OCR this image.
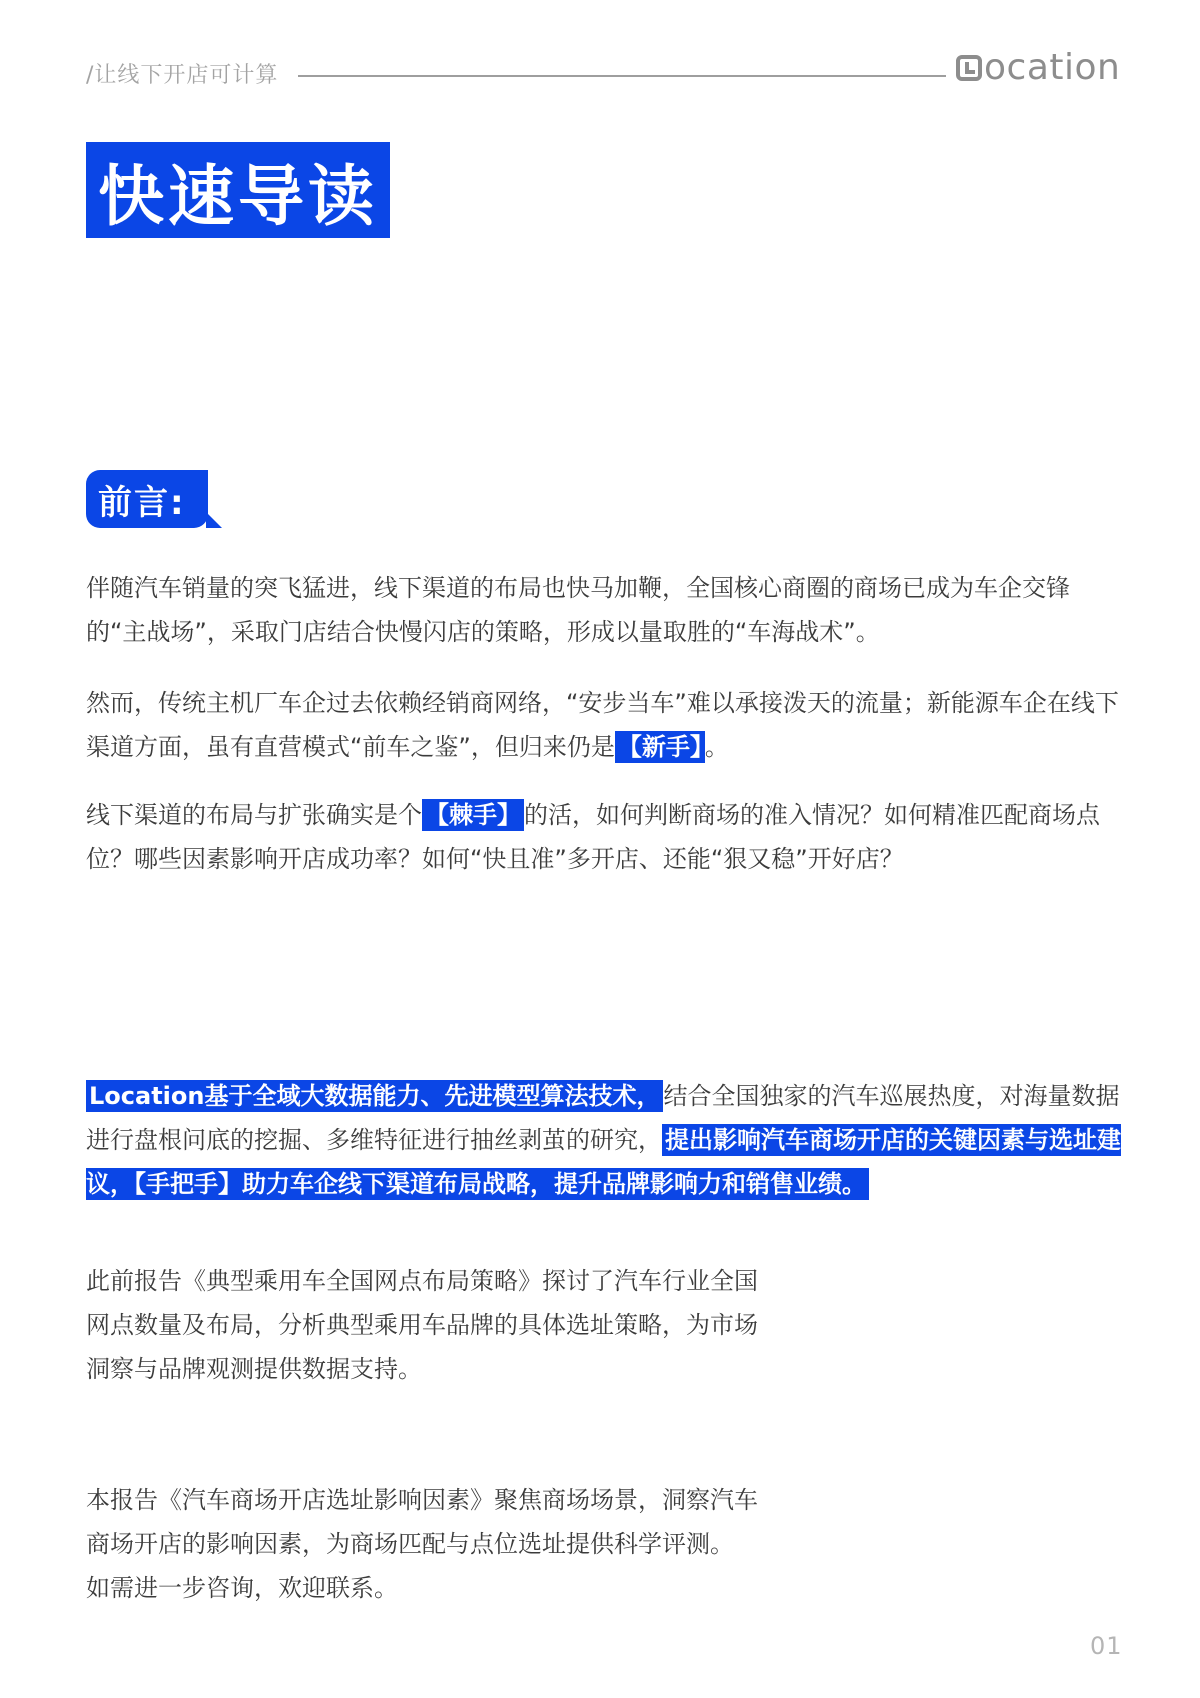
/让线下开店可计算	ocation
快速导读
前言:

伴随汽车销量的突飞猛进，线下渠道的布局也快马加鞭，全国核心商圈的商场已成为车企交锋的“主战场”，采取门店结合快慢闪店的策略，形成以量取胜的“车海战术”。

然而，传统主机厂车企过去依赖经销商网络，“安步当车”难以承接泼天的流量；新能源车企在线下渠道方面，虽有直营模式“前车之鉴”，但归来仍是 【新手】 。

线下渠道的布局与扩张确实是个 【棘手】 的活，如何判断商场的准入情况？如何精准匹配商场点位？哪些因素影响开店成功率？如何“快且准”多开店、还能“狠又稳”开好店？

Location基于全域大数据能力、先进模型算法技术， 结合全国独家的汽车巡展热度，对海量数据进行盘根问底的挖掘、多维特征进行抽丝剥茧的研究， 提出影响汽车商场开店的关键因素与选址建议，【手把手】助力车企线下渠道布局战略，提升品牌影响力和销售业绩。

此前报告《典型乘用车全国网点布局策略》探讨了汽车行业全国网点数量及布局，分析典型乘用车品牌的具体选址策略，为市场洞察与品牌观测提供数据支持。

本报告《汽车商场开店选址影响因素》聚焦商场场景，洞察汽车商场开店的影响因素，为商场匹配与点位选址提供科学评测。
如需进一步咨询，欢迎联系。

01
